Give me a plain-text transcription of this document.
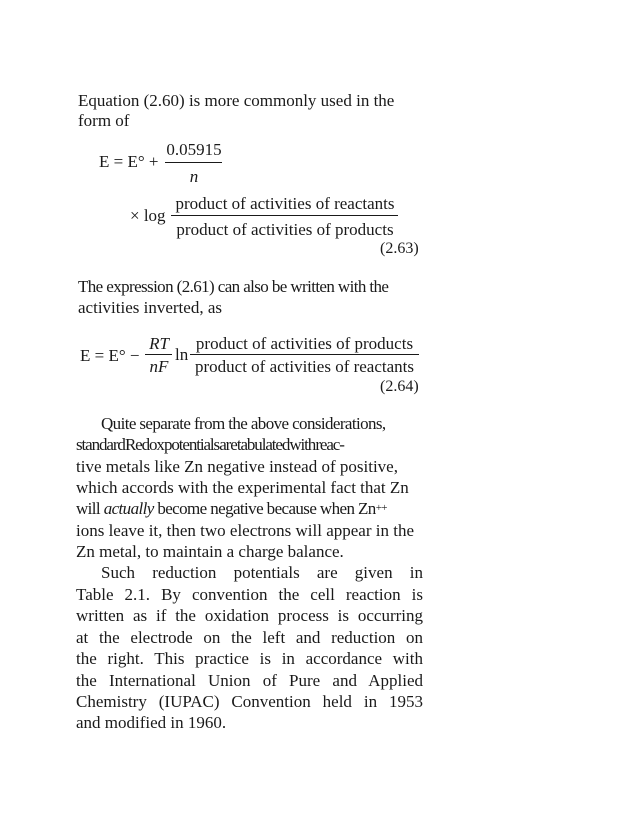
Equation (2.60) is more commonly used in the
form of
E = E° +
0.05915
n
× log
product of activities of reactants
product of activities of products
(2.63)
The expression (2.61) can also be written with the
activities inverted, as
E = E° −
RT
nF
ln
product of activities of products
product of activities of reactants
(2.64)
Quite separate from the above considerations,
standard Redox potentials are tabulated with reac-
tive metals like Zn negative instead of positive,
which accords with the experimental fact that Zn
will actually become negative because when Zn++
ions leave it, then two electrons will appear in the
Zn metal, to maintain a charge balance.
Such reduction potentials are given in
Table 2.1. By convention the cell reaction is
written as if the oxidation process is occurring
at the electrode on the left and reduction on
the right. This practice is in accordance with
the International Union of Pure and Applied
Chemistry (IUPAC) Convention held in 1953
and modified in 1960.
